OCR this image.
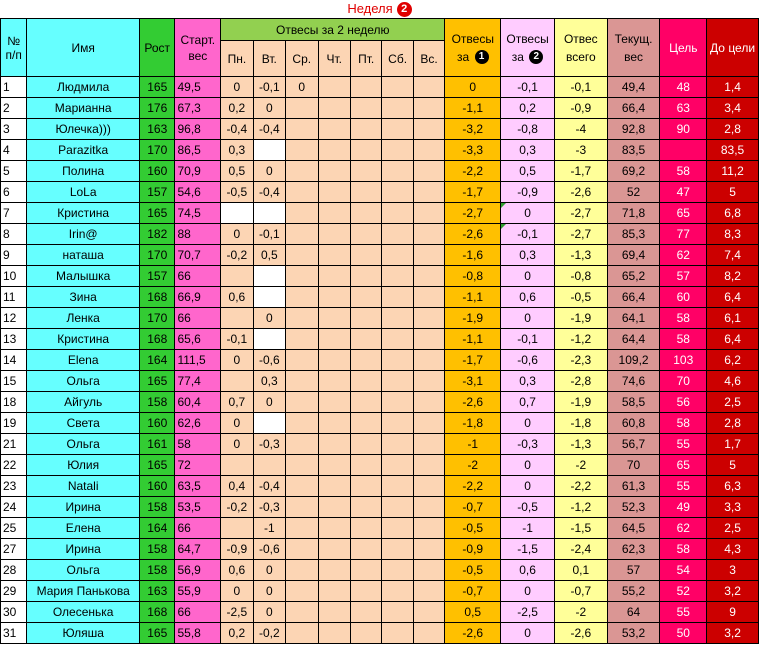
Неделя 2
№ п/п	Имя	Рост	Старт. вес	Отвесы за 2 неделю							Отвесы за 1	Отвесы за 2	Отвес всего	Текущ. вес	Цель	До цели
				Пн.	Вт.	Ср.	Чт.	Пт.	Сб.	Вс.						
1	Людмила	165	49,5	0	-0,1	0					0	-0,1	-0,1	49,4	48	1,4
2	Марианна	176	67,3	0,2	0						-1,1	0,2	-0,9	66,4	63	3,4
3	Юлечка)))	163	96,8	-0,4	-0,4						-3,2	-0,8	-4	92,8	90	2,8
4	Parazitka	170	86,5	0,3							-3,3	0,3	-3	83,5		83,5
5	Полина	160	70,9	0,5	0						-2,2	0,5	-1,7	69,2	58	11,2
6	LoLa	157	54,6	-0,5	-0,4						-1,7	-0,9	-2,6	52	47	5
7	Кристина	165	74,5								-2,7	0	-2,7	71,8	65	6,8
8	Irin@	182	88	0	-0,1						-2,6	-0,1	-2,7	85,3	77	8,3
9	наташа	170	70,7	-0,2	0,5						-1,6	0,3	-1,3	69,4	62	7,4
10	Малышка	157	66								-0,8	0	-0,8	65,2	57	8,2
11	Зина	168	66,9	0,6							-1,1	0,6	-0,5	66,4	60	6,4
12	Ленка	170	66		0						-1,9	0	-1,9	64,1	58	6,1
13	Кристина	168	65,6	-0,1							-1,1	-0,1	-1,2	64,4	58	6,4
14	Elena	164	111,5	0	-0,6						-1,7	-0,6	-2,3	109,2	103	6,2
15	Ольга	165	77,4		0,3						-3,1	0,3	-2,8	74,6	70	4,6
18	Айгуль	158	60,4	0,7	0						-2,6	0,7	-1,9	58,5	56	2,5
19	Света	160	62,6	0							-1,8	0	-1,8	60,8	58	2,8
21	Ольга	161	58	0	-0,3						-1	-0,3	-1,3	56,7	55	1,7
22	Юлия	165	72								-2	0	-2	70	65	5
23	Natali	160	63,5	0,4	-0,4						-2,2	0	-2,2	61,3	55	6,3
24	Ирина	158	53,5	-0,2	-0,3						-0,7	-0,5	-1,2	52,3	49	3,3
25	Елена	164	66		-1						-0,5	-1	-1,5	64,5	62	2,5
27	Ирина	158	64,7	-0,9	-0,6						-0,9	-1,5	-2,4	62,3	58	4,3
28	Ольга	158	56,9	0,6	0						-0,5	0,6	0,1	57	54	3
29	Мария Панькова	163	55,9	0	0						-0,7	0	-0,7	55,2	52	3,2
30	Олесенька	168	66	-2,5	0						0,5	-2,5	-2	64	55	9
31	Юляша	165	55,8	0,2	-0,2						-2,6	0	-2,6	53,2	50	3,2
